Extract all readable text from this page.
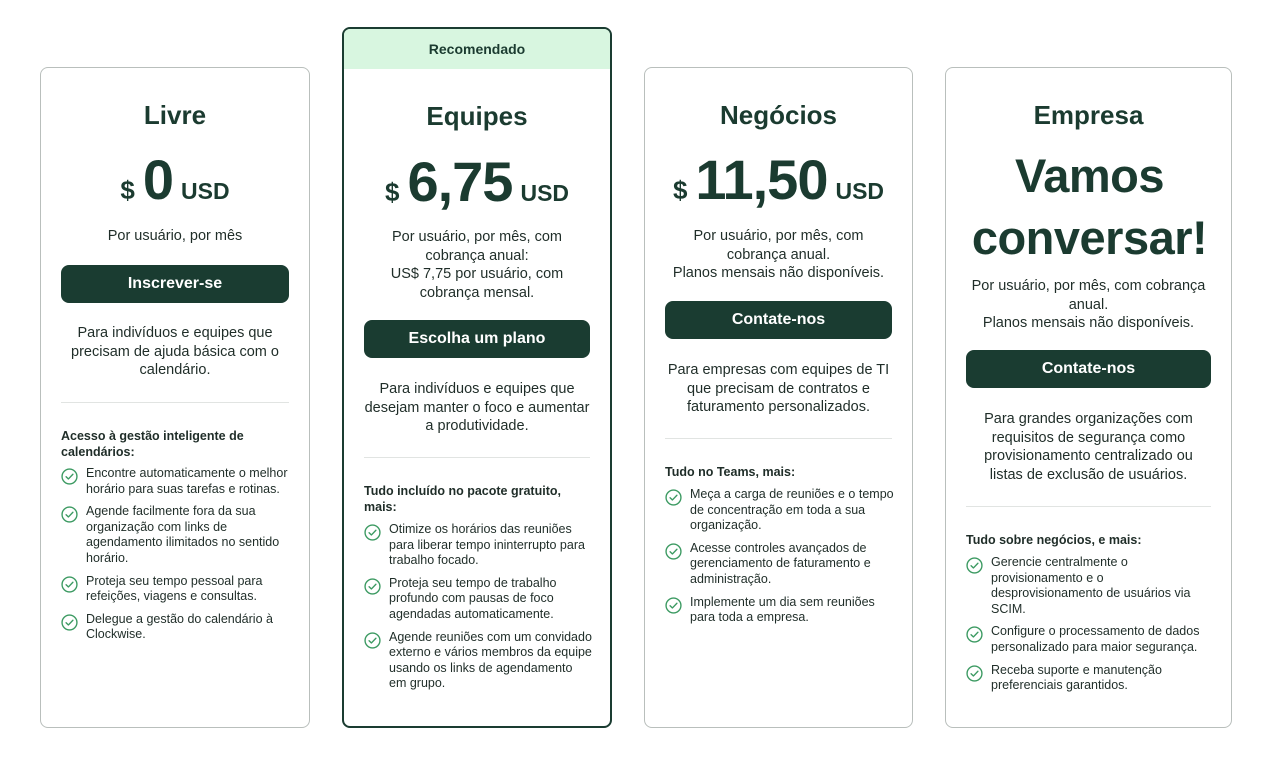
Livre
$ 0 USD
Por usuário, por mês
Inscrever-se
Para indivíduos e equipes que precisam de ajuda básica com o calendário.
Acesso à gestão inteligente de calendários:
Encontre automaticamente o melhor horário para suas tarefas e rotinas.
Agende facilmente fora da sua organização com links de agendamento ilimitados no sentido horário.
Proteja seu tempo pessoal para refeições, viagens e consultas.
Delegue a gestão do calendário à Clockwise.
Recomendado
Equipes
$ 6,75 USD
Por usuário, por mês, com cobrança anual:
US$ 7,75 por usuário, com cobrança mensal.
Escolha um plano
Para indivíduos e equipes que desejam manter o foco e aumentar a produtividade.
Tudo incluído no pacote gratuito, mais:
Otimize os horários das reuniões para liberar tempo ininterrupto para trabalho focado.
Proteja seu tempo de trabalho profundo com pausas de foco agendadas automaticamente.
Agende reuniões com um convidado externo e vários membros da equipe usando os links de agendamento em grupo.
Negócios
$ 11,50 USD
Por usuário, por mês, com cobrança anual.
Planos mensais não disponíveis.
Contate-nos
Para empresas com equipes de TI que precisam de contratos e faturamento personalizados.
Tudo no Teams, mais:
Meça a carga de reuniões e o tempo de concentração em toda a sua organização.
Acesse controles avançados de gerenciamento de faturamento e administração.
Implemente um dia sem reuniões para toda a empresa.
Empresa
Vamos conversar!
Por usuário, por mês, com cobrança anual.
Planos mensais não disponíveis.
Contate-nos
Para grandes organizações com requisitos de segurança como provisionamento centralizado ou listas de exclusão de usuários.
Tudo sobre negócios, e mais:
Gerencie centralmente o provisionamento e o desprovisionamento de usuários via SCIM.
Configure o processamento de dados personalizado para maior segurança.
Receba suporte e manutenção preferenciais garantidos.
